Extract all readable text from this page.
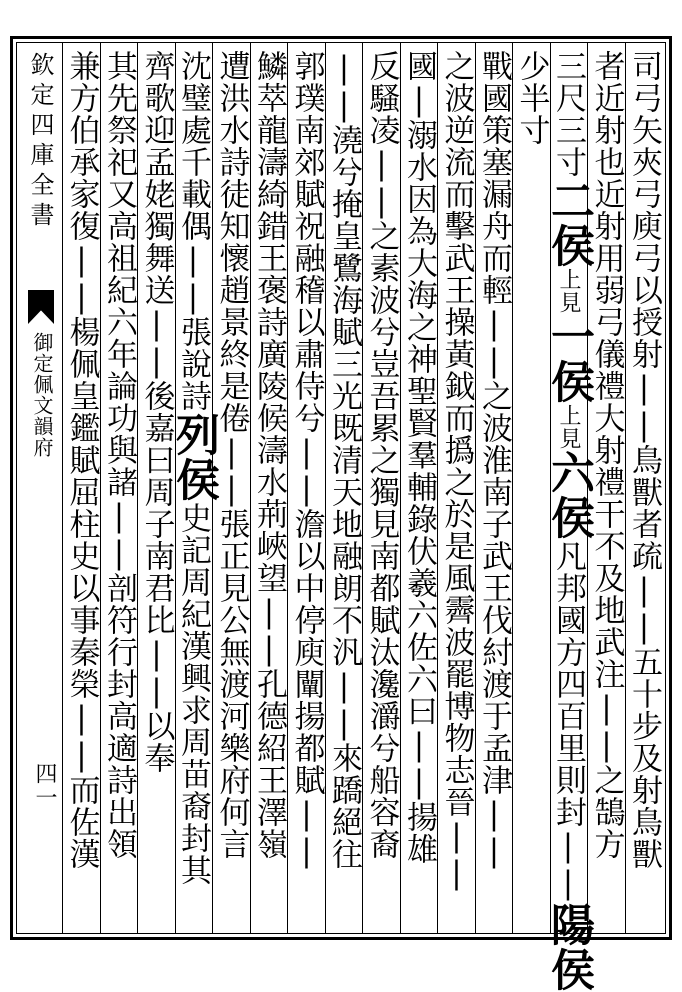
欽定四庫全書
御定佩文韻府
四一	司弓矢夾弓庾弓以授射||鳥獸者疏||五十步及射鳥獸
者近射也近射用弱弓儀禮大射禮干不及地武注||之鵠方
三尺三寸二侯上見一侯上見六侯凡邦國方四百里則封||陽侯
少半寸
戰國策塞漏舟而輕||之波淮南子武王伐紂渡于孟津||
之波逆流而擊武王操黃鉞而撝之於是風霽波罷博物志晉||
國|溺水因為大海之神聖賢羣輔錄伏羲六佐六曰||揚雄
反騷凌||之素波兮豈吾累之獨見南都賦汰瀺灂兮船容裔
||澆兮掩皇鷺海賦三光既清天地融朗不汎||來蹻絕往
郭璞南郊賦祝融稽以肅侍兮||澹以中停庾闡揚都賦||
鱗萃龍濤綺錯王褒詩廣陵候濤水荊峽望||孔德紹王澤嶺
遭洪水詩徒知懷趙景終是倦||張正見公無渡河樂府何言
沈璧處千載偶||張說詩列侯史記周紀漢興求周苗裔封其
齊歌迎孟姥獨舞送||後嘉曰周子南君比||以奉
其先祭祀又高祖紀六年論功與諸||剖符行封高適詩出領
兼方伯承家復||楊佩皇鑑賦屈柱史以事秦榮||而佐漢
